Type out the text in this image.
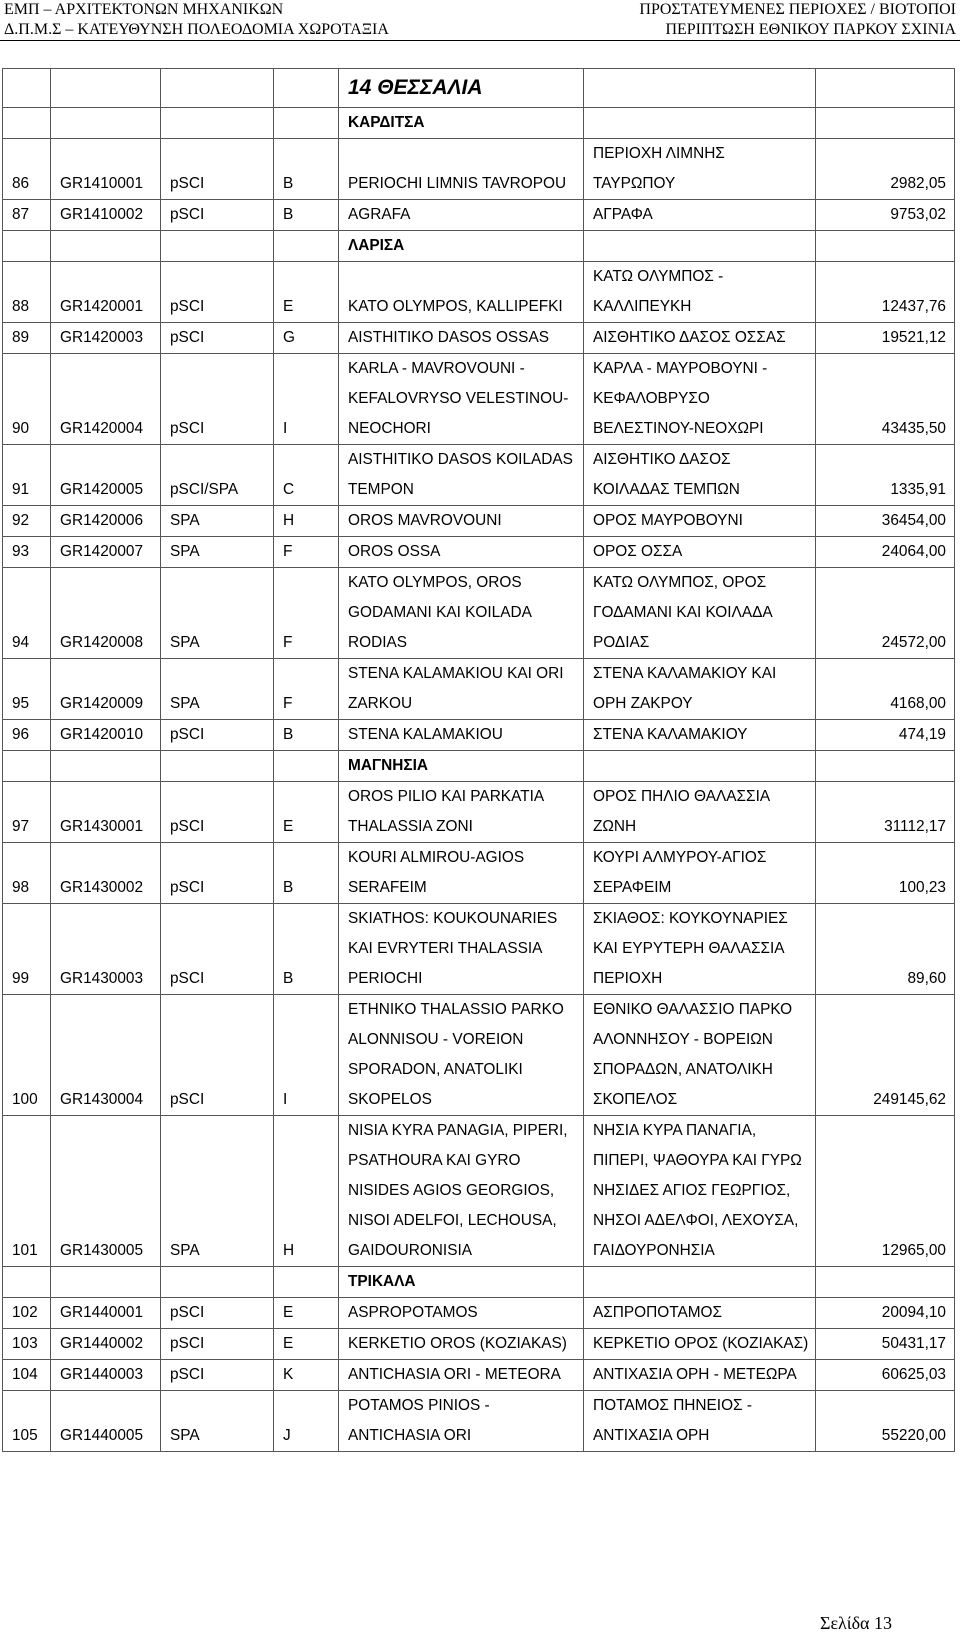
ΕΜΠ – ΑΡΧΙΤΕΚΤΟΝΩΝ ΜΗΧΑΝΙΚΩΝ
Δ.Π.Μ.Σ – ΚΑΤΕΥΘΥΝΣΗ ΠΟΛΕΟΔΟΜΙΑ ΧΩΡΟΤΑΞΙΑ
ΠΡΟΣΤΑΤΕΥΜΕΝΕΣ ΠΕΡΙΟΧΕΣ / ΒΙΟΤΟΠΟΙ
ΠΕΡΙΠΤΩΣΗ ΕΘΝΙΚΟΥ ΠΑΡΚΟΥ ΣΧΙΝΙΑ
				14 ΘΕΣΣΑΛΙΑ		
				ΚΑΡΔΙΤΣΑ		
86	GR1410001	pSCI	B	PERIOCHI LIMNIS TAVROPOU	ΠΕΡΙΟΧΗ ΛΙΜΝΗΣ ΤΑΥΡΩΠΟΥ	2982,05
87	GR1410002	pSCI	B	AGRAFA	ΑΓΡΑΦΑ	9753,02
				ΛΑΡΙΣΑ		
88	GR1420001	pSCI	E	KATO OLYMPOS, KALLIPEFKI	ΚΑΤΩ ΟΛΥΜΠΟΣ - ΚΑΛΛΙΠΕΥΚΗ	12437,76
89	GR1420003	pSCI	G	AISTHITIKO DASOS OSSAS	ΑΙΣΘΗΤΙΚΟ ΔΑΣΟΣ ΟΣΣΑΣ	19521,12
90	GR1420004	pSCI	I	KARLA - MAVROVOUNI - KEFALOVRYSO VELESTINOU-NEOCHORI	ΚΑΡΛΑ - ΜΑΥΡΟΒΟΥΝΙ - ΚΕΦΑΛΟΒΡΥΣΟ ΒΕΛΕΣΤΙΝΟΥ-ΝΕΟΧΩΡΙ	43435,50
91	GR1420005	pSCI/SPA	C	AISTHITIKO DASOS KOILADAS TEMPON	ΑΙΣΘΗΤΙΚΟ ΔΑΣΟΣ ΚΟΙΛΑΔΑΣ ΤΕΜΠΩΝ	1335,91
92	GR1420006	SPA	H	OROS MAVROVOUNI	ΟΡΟΣ ΜΑΥΡΟΒΟΥΝΙ	36454,00
93	GR1420007	SPA	F	OROS OSSA	ΟΡΟΣ ΟΣΣΑ	24064,00
94	GR1420008	SPA	F	KATO OLYMPOS, OROS GODAMANI KAI KOILADA RODIAS	ΚΑΤΩ ΟΛΥΜΠΟΣ, ΟΡΟΣ ΓΟΔΑΜΑΝΙ ΚΑΙ ΚΟΙΛΑΔΑ ΡΟΔΙΑΣ	24572,00
95	GR1420009	SPA	F	STENA KALAMAKIOU KAI ORI ZARKOU	ΣΤΕΝΑ ΚΑΛΑΜΑΚΙΟΥ ΚΑΙ ΟΡΗ ΖΑΚΡΟΥ	4168,00
96	GR1420010	pSCI	B	STENA KALAMAKIOU	ΣΤΕΝΑ ΚΑΛΑΜΑΚΙΟΥ	474,19
				ΜΑΓΝΗΣΙΑ		
97	GR1430001	pSCI	E	OROS PILIO KAI PARKATIA THALASSIA ZONI	ΟΡΟΣ ΠΗΛΙΟ ΘΑΛΑΣΣΙΑ ΖΩΝΗ	31112,17
98	GR1430002	pSCI	B	KOURI ALMIROU-AGIOS SERAFEIM	ΚΟΥΡΙ ΑΛΜΥΡΟΥ-ΑΓΙΟΣ ΣΕΡΑΦΕΙΜ	100,23
99	GR1430003	pSCI	B	SKIATHOS: KOUKOUNARIES KAI EVRYTERI THALASSIA PERIOCHI	ΣΚΙΑΘΟΣ: ΚΟΥΚΟΥΝΑΡΙΕΣ ΚΑΙ ΕΥΡΥΤΕΡΗ ΘΑΛΑΣΣΙΑ ΠΕΡΙΟΧΗ	89,60
100	GR1430004	pSCI	I	ETHNIKO THALASSIO PARKO ALONNISOU - VOREION SPORADON, ANATOLIKI SKOPELOS	ΕΘΝΙΚΟ ΘΑΛΑΣΣΙΟ ΠΑΡΚΟ ΑΛΟΝΝΗΣΟΥ - ΒΟΡΕΙΩΝ ΣΠΟΡΑΔΩΝ, ΑΝΑΤΟΛΙΚΗ ΣΚΟΠΕΛΟΣ	249145,62
101	GR1430005	SPA	H	NISIA KYRA PANAGIA, PIPERI, PSATHOURA KAI GYRO NISIDES AGIOS GEORGIOS, NISOI ADELFOI, LECHOUSA, GAIDOURONISIA	ΝΗΣΙΑ ΚΥΡΑ ΠΑΝΑΓΙΑ, ΠΙΠΕΡΙ, ΨΑΘΟΥΡΑ ΚΑΙ ΓΥΡΩ ΝΗΣΙΔΕΣ ΑΓΙΟΣ ΓΕΩΡΓΙΟΣ, ΝΗΣΟΙ ΑΔΕΛΦΟΙ, ΛΕΧΟΥΣΑ, ΓΑΙΔΟΥΡΟΝΗΣΙΑ	12965,00
				ΤΡΙΚΑΛΑ		
102	GR1440001	pSCI	E	ASPROPOTAMOS	ΑΣΠΡΟΠΟΤΑΜΟΣ	20094,10
103	GR1440002	pSCI	E	KERKETIO OROS (KOZIAKAS)	ΚΕΡΚΕΤΙΟ ΟΡΟΣ (ΚΟΖΙΑΚΑΣ)	50431,17
104	GR1440003	pSCI	K	ANTICHASIA ORI - METEORA	ΑΝΤΙΧΑΣΙΑ ΟΡΗ - ΜΕΤΕΩΡΑ	60625,03
105	GR1440005	SPA	J	POTAMOS PINIOS - ANTICHASIA ORI	ΠΟΤΑΜΟΣ ΠΗΝΕΙΟΣ - ΑΝΤΙΧΑΣΙΑ ΟΡΗ	55220,00
Σελίδα 13
